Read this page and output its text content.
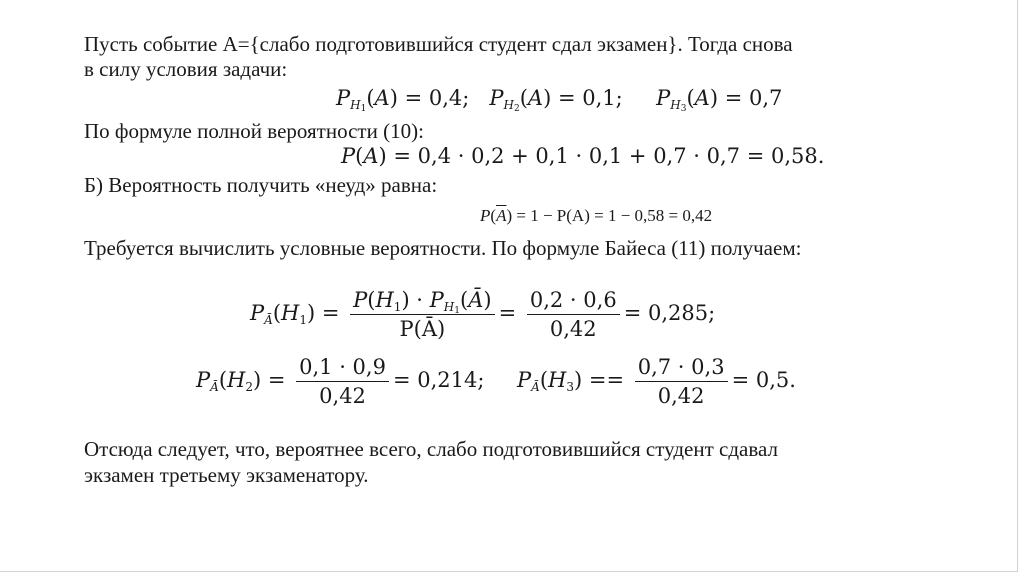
Пусть событие A={слабо подготовившийся студент сдал экзамен}. Тогда снова
в силу условия задачи:
$P_{H_1}(A) = 0,4$; $P_{H_2}(A) = 0,1$; $P_{H_3}(A) = 0,7$
По формуле полной вероятности (10):
P(A) = 0,4 · 0,2 + 0,1 · 0,1 + 0,7 · 0,7 = 0,58.
Б) Вероятность получить «неуд» равна:
$P(\overline{A}) = 1 - P(A) = 1 - 0,58 = 0,42$
Требуется вычислить условные вероятности. По формуле Байеса (11) получаем:
$P_Ā(H_1) = \frac{P(H_1) \cdot P_{H_1}(Ā)}{P(Ā)} = \frac{0,2 \cdot 0,6}{0,42} = 0,285$;
$P_Ā(H_2) = \frac{0,1 \cdot 0,9}{0,42} = 0,214$; $P_Ā(H_3) == \frac{0,7 \cdot 0,3}{0,42} = 0,5$.
Отсюда следует, что, вероятнее всего, слабо подготовившийся студент сдавал
экзамен третьему экзаменатору.
